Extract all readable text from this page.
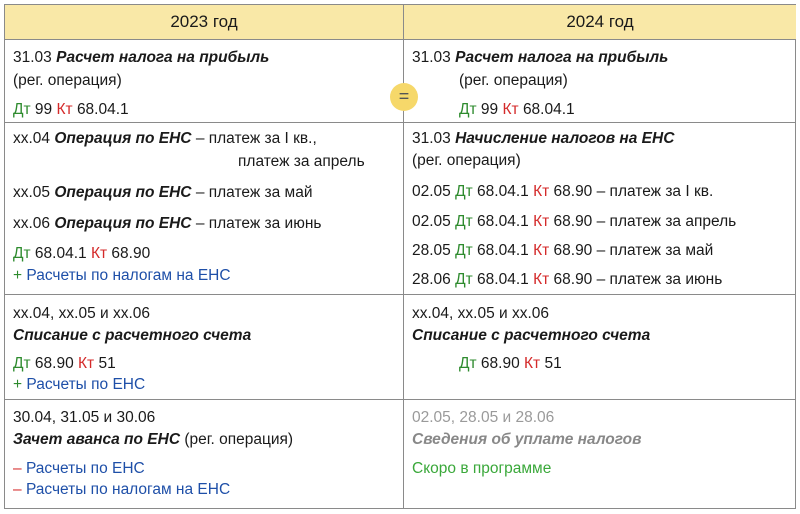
2023 год
31.03 Расчет налога на прибыль
(рег. операция)
Дт 99 Кт 68.04.1
xx.04 Операция по ЕНС – платеж за I кв.,
платеж за апрель
xx.05 Операция по ЕНС – платеж за май
xx.06 Операция по ЕНС – платеж за июнь
Дт 68.04.1 Кт 68.90
+ Расчеты по налогам на ЕНС
xx.04, xx.05 и xx.06
Списание с расчетного счета
Дт 68.90 Кт 51
+ Расчеты по ЕНС
30.04, 31.05 и 30.06
Зачет аванса по ЕНС (рег. операция)
– Расчеты по ЕНС
– Расчеты по налогам на ЕНС
2024 год
31.03 Расчет налога на прибыль
(рег. операция)
Дт 99 Кт 68.04.1
31.03 Начисление налогов на ЕНС
(рег. операция)
02.05 Дт 68.04.1 Кт 68.90 – платеж за I кв.
02.05 Дт 68.04.1 Кт 68.90 – платеж за апрель
28.05 Дт 68.04.1 Кт 68.90 – платеж за май
28.06 Дт 68.04.1 Кт 68.90 – платеж за июнь
xx.04, xx.05 и xx.06
Списание с расчетного счета
Дт 68.90 Кт 51
02.05, 28.05 и 28.06
Сведения об уплате налогов
Скоро в программе
=
